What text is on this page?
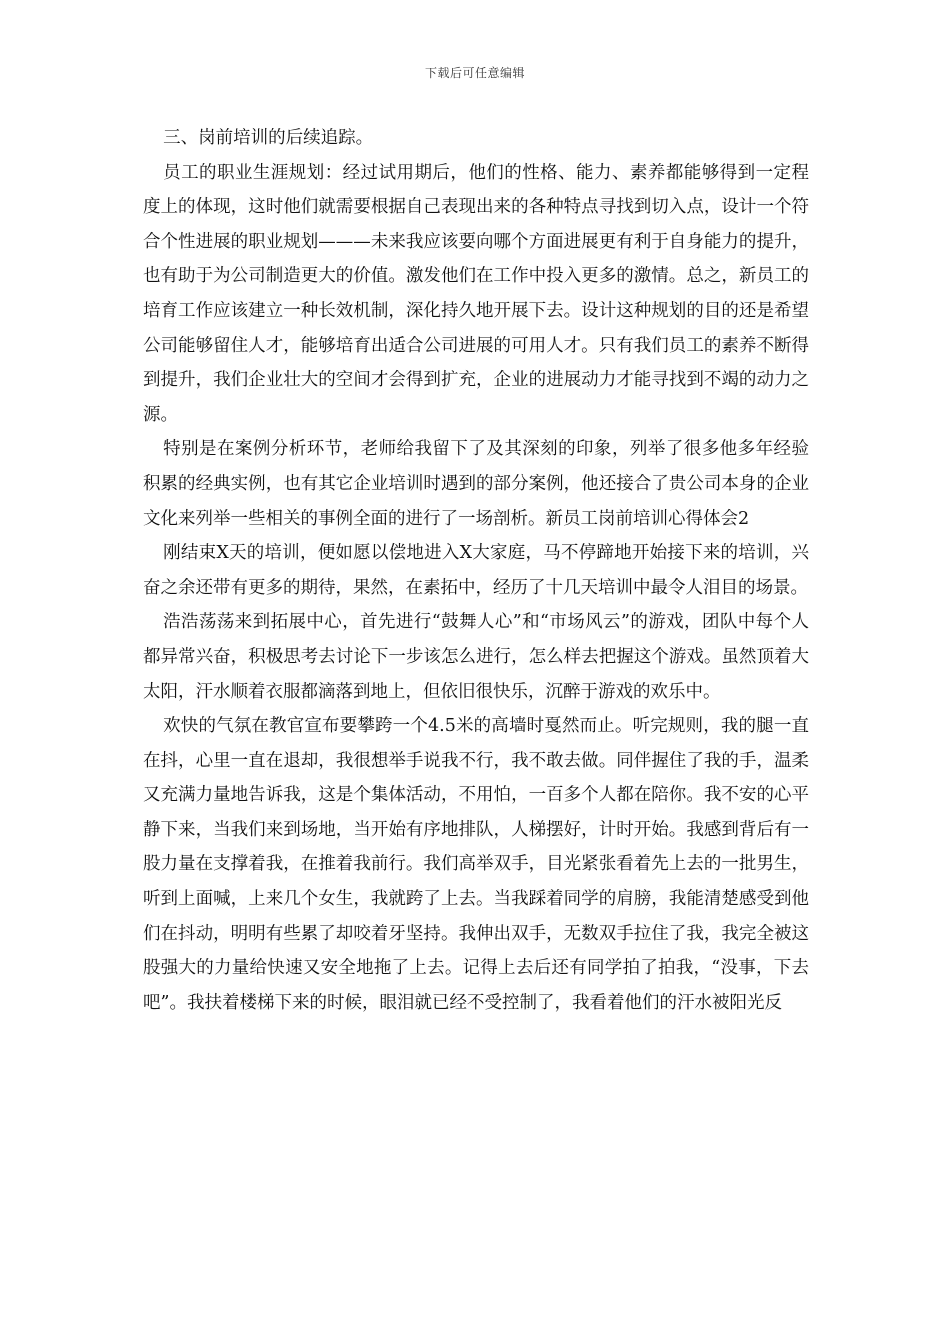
下载后可任意编辑

三、岗前培训的后续追踪。

员工的职业生涯规划：经过试用期后，他们的性格、能力、素养都能够得到一定程度上的体现，这时他们就需要根据自己表现出来的各种特点寻找到切入点，设计一个符合个性进展的职业规划———未来我应该要向哪个方面进展更有利于自身能力的提升，也有助于为公司制造更大的价值。激发他们在工作中投入更多的激情。总之，新员工的培育工作应该建立一种长效机制，深化持久地开展下去。设计这种规划的目的还是希望公司能够留住人才，能够培育出适合公司进展的可用人才。只有我们员工的素养不断得到提升，我们企业壮大的空间才会得到扩充，企业的进展动力才能寻找到不竭的动力之源。

特别是在案例分析环节，老师给我留下了及其深刻的印象，列举了很多他多年经验积累的经典实例，也有其它企业培训时遇到的部分案例，他还接合了贵公司本身的企业文化来列举一些相关的事例全面的进行了一场剖析。新员工岗前培训心得体会2

刚结束X天的培训，便如愿以偿地进入X大家庭，马不停蹄地开始接下来的培训，兴奋之余还带有更多的期待，果然，在素拓中，经历了十几天培训中最令人泪目的场景。

浩浩荡荡来到拓展中心，首先进行“鼓舞人心”和“市场风云”的游戏，团队中每个人都异常兴奋，积极思考去讨论下一步该怎么进行，怎么样去把握这个游戏。虽然顶着大太阳，汗水顺着衣服都滴落到地上，但依旧很快乐，沉醉于游戏的欢乐中。

欢快的气氛在教官宣布要攀跨一个4.5米的高墙时戛然而止。听完规则，我的腿一直在抖，心里一直在退却，我很想举手说我不行，我不敢去做。同伴握住了我的手，温柔又充满力量地告诉我，这是个集体活动，不用怕，一百多个人都在陪你。我不安的心平静下来，当我们来到场地，当开始有序地排队，人梯摆好，计时开始。我感到背后有一股力量在支撑着我，在推着我前行。我们高举双手，目光紧张看着先上去的一批男生，听到上面喊，上来几个女生，我就跨了上去。当我踩着同学的肩膀，我能清楚感受到他们在抖动，明明有些累了却咬着牙坚持。我伸出双手，无数双手拉住了我，我完全被这股强大的力量给快速又安全地拖了上去。记得上去后还有同学拍了拍我，“没事，下去吧”。我扶着楼梯下来的时候，眼泪就已经不受控制了，我看着他们的汗水被阳光反
